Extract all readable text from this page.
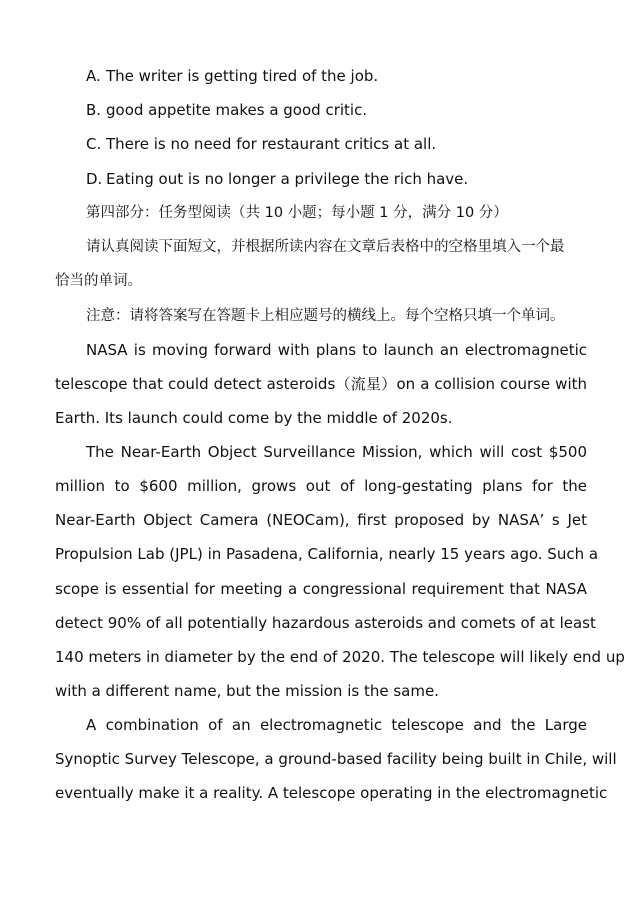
A. The writer is getting tired of the job.
B. good appetite makes a good critic.
C. There is no need for restaurant critics at all.
D. Eating out is no longer a privilege the rich have.
第四部分：任务型阅读（共 10 小题；每小题 1 分，满分 10 分）
请认真阅读下面短文，并根据所读内容在文章后表格中的空格里填入一个最
恰当的单词。
注意：请将答案写在答题卡上相应题号的横线上。每个空格只填一个单词。
NASA is moving forward with plans to launch an electromagnetic
telescope that could detect asteroids（流星）on a collision course with
Earth. Its launch could come by the middle of 2020s.
The Near-Earth Object Surveillance Mission, which will cost $500
million to $600 million, grows out of long-gestating plans for the
Near-Earth Object Camera (NEOCam), first proposed by NASA’ s Jet
Propulsion Lab (JPL) in Pasadena, California, nearly 15 years ago. Such a
scope is essential for meeting a congressional requirement that NASA
detect 90% of all potentially hazardous asteroids and comets of at least
140 meters in diameter by the end of 2020. The telescope will likely end up
with a different name, but the mission is the same.
A combination of an electromagnetic telescope and the Large
Synoptic Survey Telescope, a ground-based facility being built in Chile, will
eventually make it a reality. A telescope operating in the electromagnetic
